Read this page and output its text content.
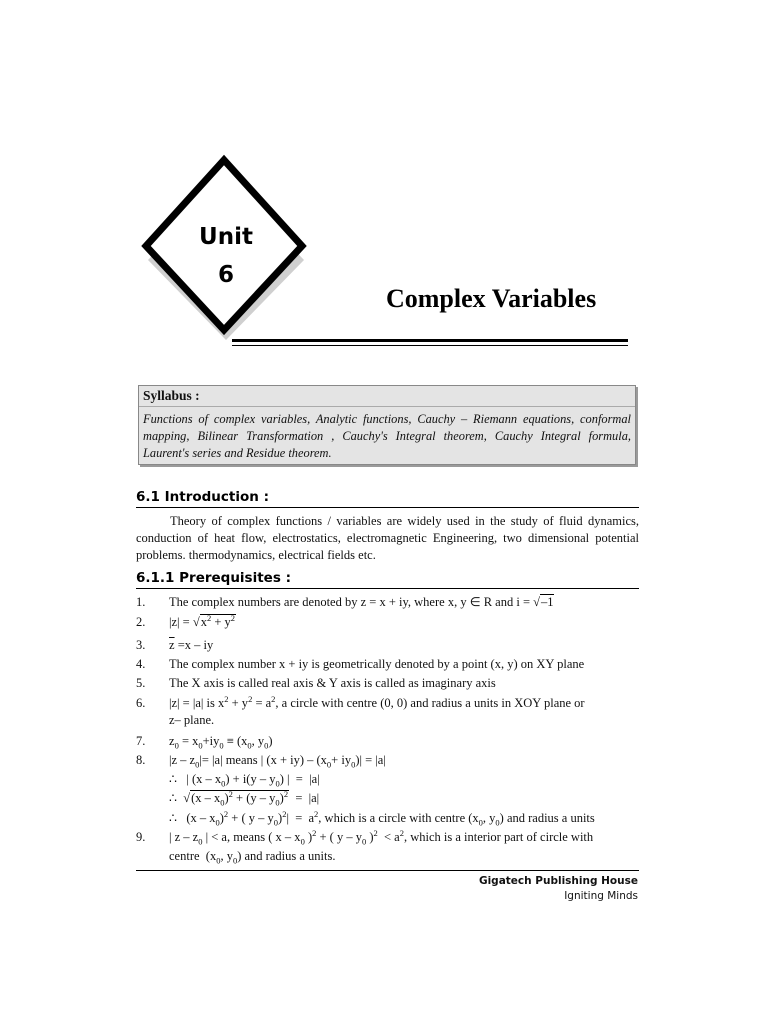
Unit
6
Complex Variables
Syllabus :
Functions of complex variables, Analytic functions, Cauchy – Riemann equations, conformal mapping, Bilinear Transformation , Cauchy's Integral theorem, Cauchy Integral formula, Laurent's series and Residue theorem.
6.1 Introduction :

Theory of complex functions / variables are widely used in the study of fluid dynamics, conduction of heat flow, electrostatics, electromagnetic Engineering, two dimensional potential problems. thermodynamics, electrical fields etc.

6.1.1 Prerequisites :
1.	The complex numbers are denoted by z = x + iy, where x, y ∈ R and i = √–1
2.	$|z| = √x^2 + y^2$
3.	$\overline{z} =x$ – iy
4.	The complex number x + iy is geometrically denoted by a point (x, y) on XY plane
5.	The X axis is called real axis & Y axis is called as imaginary axis
6.	|z| = |a| is $x^2 + y^2 = a^2$, a circle with centre (0, 0) and radius a units in XOY plane or
z– plane.
7.	$z_0 = x_0+iy_0 \equiv (x_0$, $y_0$)
8.	$|z - z_0|= |a|$ means | $(x + iy) - (x_0+ iy_0)| = |a|$
∴   | $(x - x_0) + i(y - y_0)$ |  =  |a|
∴  $√(x - x_0)^2 + (y - y_0)^2 = |a|$
∴   $(x - x_0)^2$ + ( $y - y_0)^2| = a^2$, which is a circle with centre ($x_0$, $y_0$) and radius a units
9.	| z – $z_0$ | < a, means ( x – $x_0$ )$^2$ + ( y – $y_0$ )$^2 < a^2$, which is a interior part of circle with
centre  ($x_0$, $y_0$) and radius a units.
Gigatech Publishing House
Igniting Minds
